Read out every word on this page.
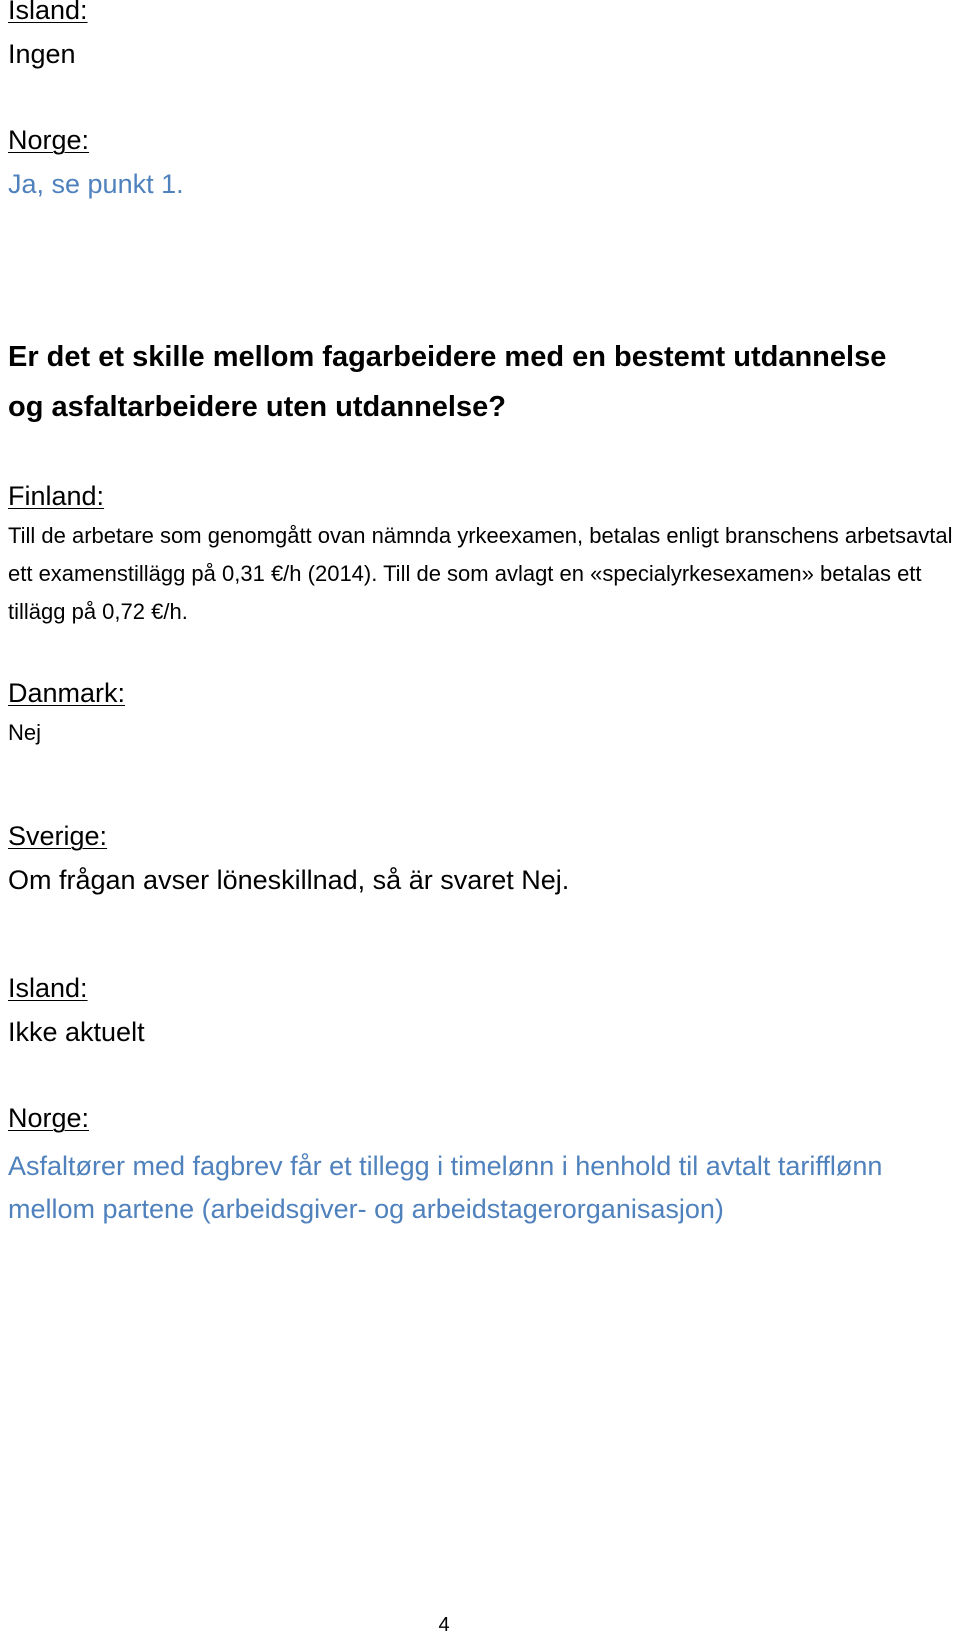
Island:

Ingen

Norge:

Ja, se punkt 1.

Er det et skille mellom fagarbeidere med en bestemt utdannelse og asfaltarbeidere uten utdannelse?
Finland:

Till de arbetare som genomgått ovan nämnda yrkeexamen, betalas enligt branschens arbetsavtal ett examenstillägg på 0,31 €/h (2014). Till de som avlagt en «specialyrkesexamen» betalas ett tillägg på 0,72 €/h.

Danmark:

Nej

Sverige:

Om frågan avser löneskillnad, så är svaret Nej.

Island:

Ikke aktuelt

Norge:

Asfaltører med fagbrev får et tillegg i timelønn i henhold til avtalt tarifflønn mellom partene (arbeidsgiver- og arbeidstagerorganisasjon)

4
